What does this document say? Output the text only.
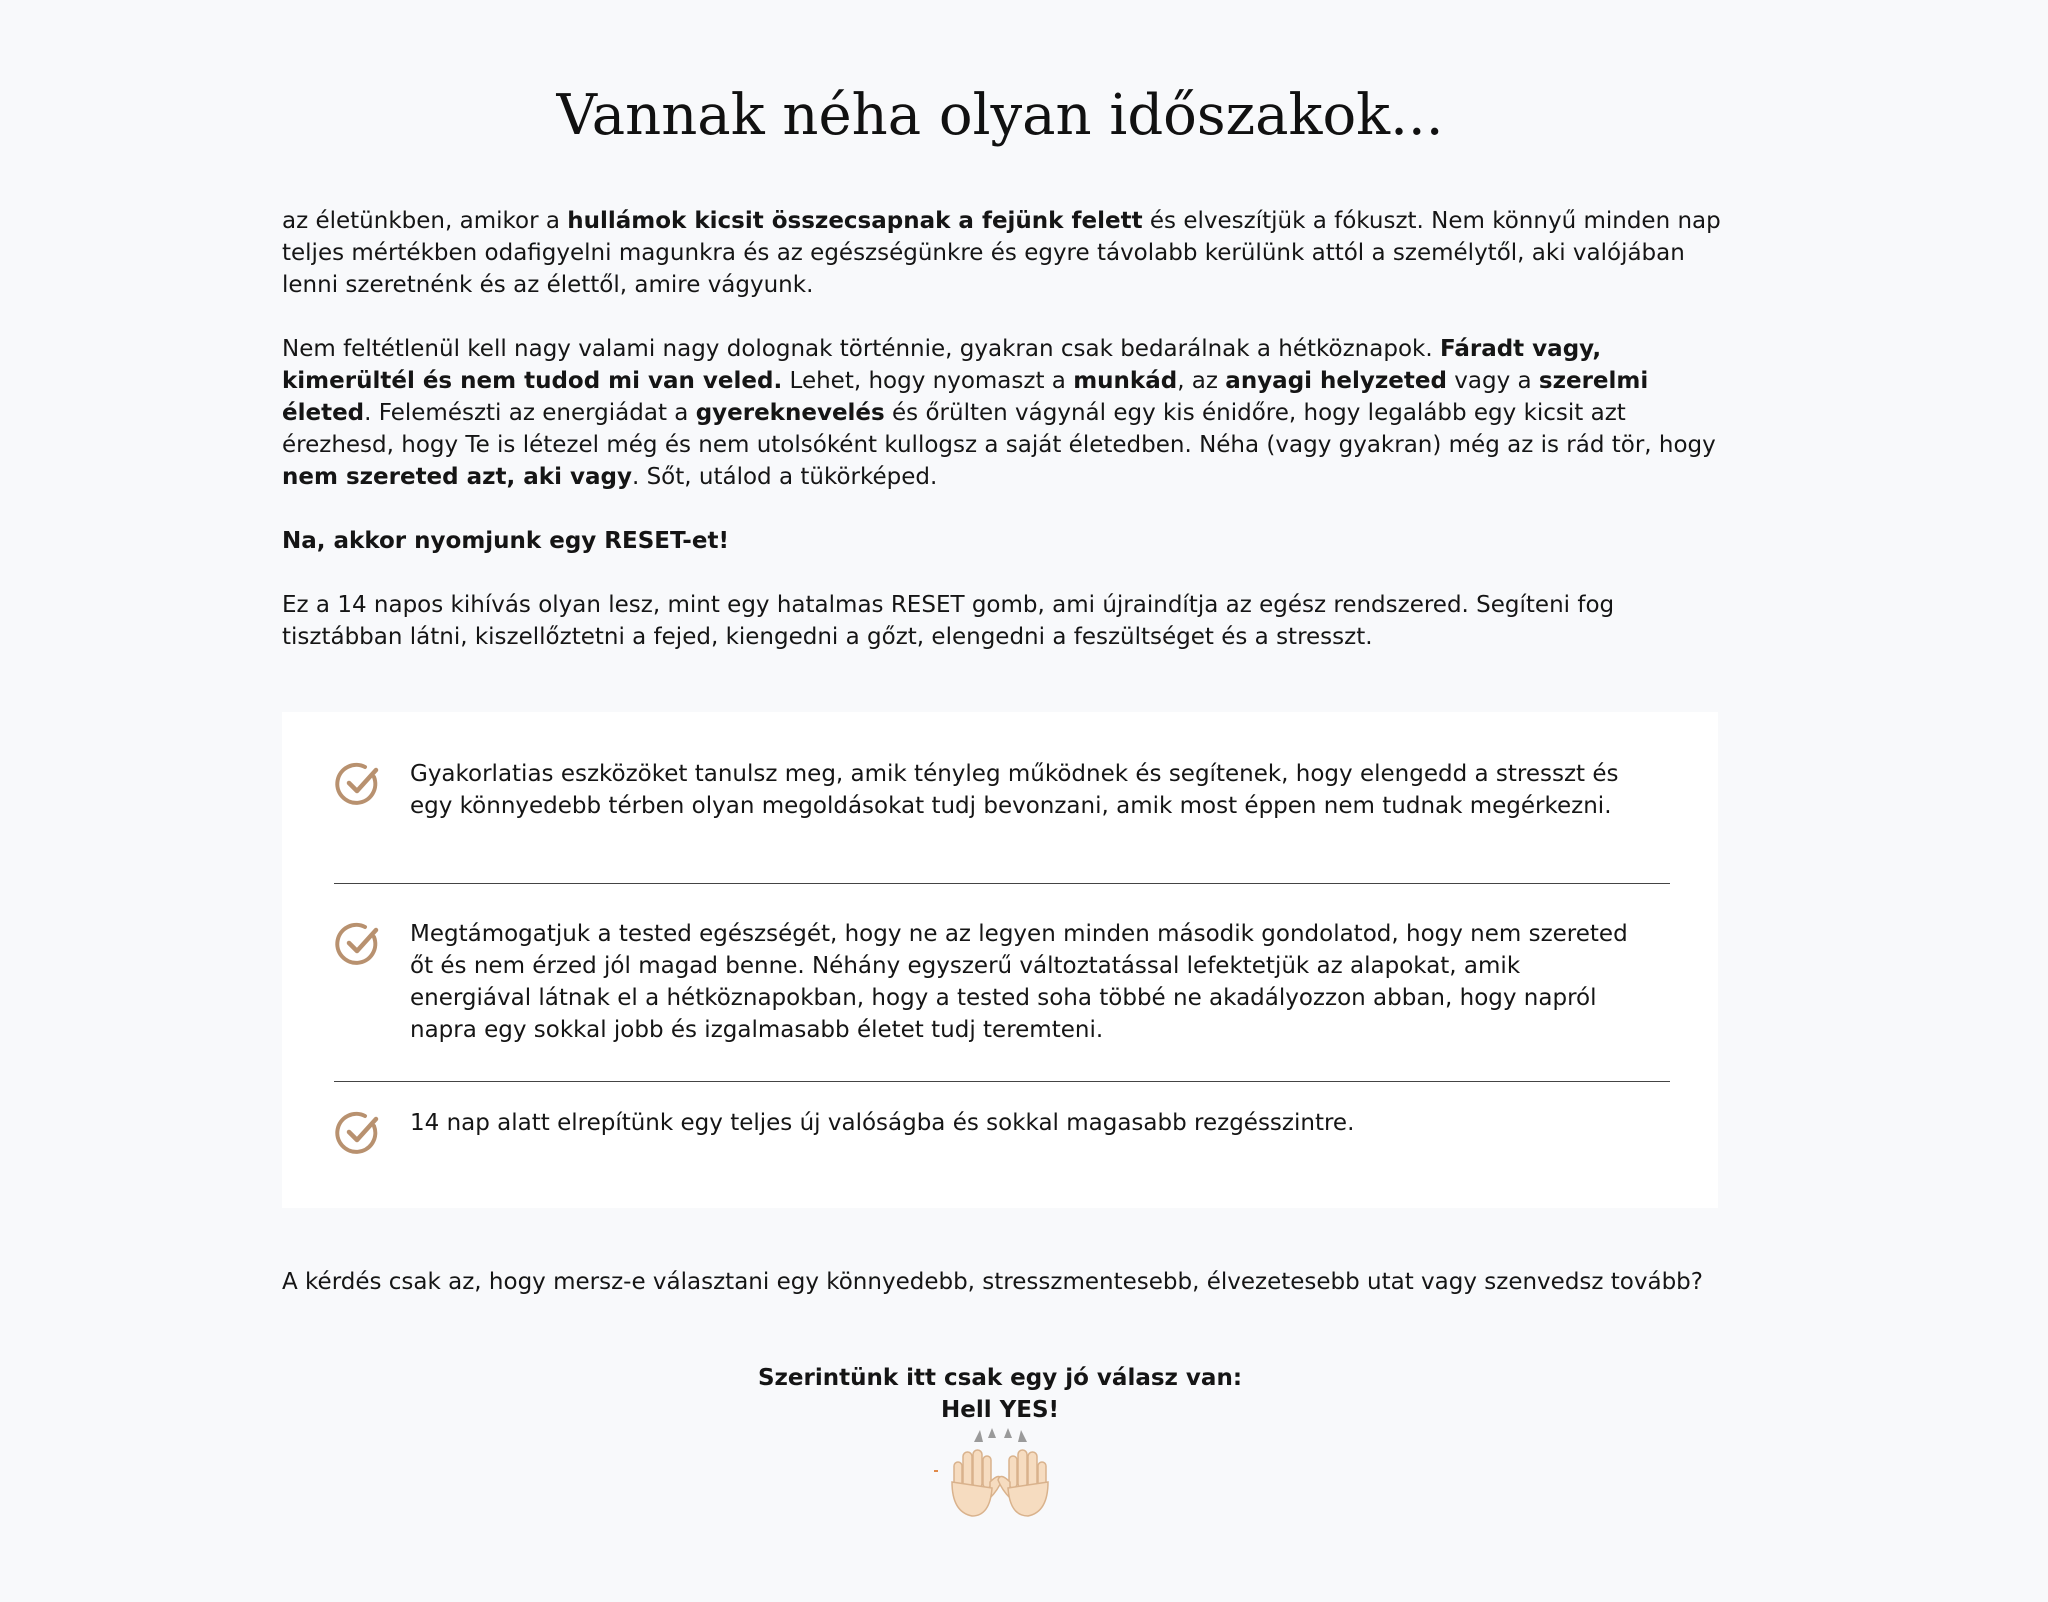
Vannak néha olyan időszakok...

az életünkben, amikor a hullámok kicsit összecsapnak a fejünk felett és elveszítjük a fókuszt. Nem könnyű minden nap teljes mértékben odafigyelni magunkra és az egészségünkre és egyre távolabb kerülünk attól a személytől, aki valójában lenni szeretnénk és az élettől, amire vágyunk.

Nem feltétlenül kell nagy valami nagy dolognak történnie, gyakran csak bedarálnak a hétköznapok. Fáradt vagy, kimerültél és nem tudod mi van veled. Lehet, hogy nyomaszt a munkád, az anyagi helyzeted vagy a szerelmi életed. Felemészti az energiádat a gyereknevelés és őrülten vágynál egy kis énidőre, hogy legalább egy kicsit azt érezhesd, hogy Te is létezel még és nem utolsóként kullogsz a saját életedben. Néha (vagy gyakran) még az is rád tör, hogy nem szereted azt, aki vagy. Sőt, utálod a tükörképed.

Na, akkor nyomjunk egy RESET-et!

Ez a 14 napos kihívás olyan lesz, mint egy hatalmas RESET gomb, ami újraindítja az egész rendszered. Segíteni fog tisztábban látni, kiszellőztetni a fejed, kiengedni a gőzt, elengedni a feszültséget és a stresszt.

Gyakorlatias eszközöket tanulsz meg, amik tényleg működnek és segítenek, hogy elengedd a stresszt és egy könnyedebb térben olyan megoldásokat tudj bevonzani, amik most éppen nem tudnak megérkezni.
Megtámogatjuk a tested egészségét, hogy ne az legyen minden második gondolatod, hogy nem szereted őt és nem érzed jól magad benne. Néhány egyszerű változtatással lefektetjük az alapokat, amik energiával látnak el a hétköznapokban, hogy a tested soha többé ne akadályozzon abban, hogy napról napra egy sokkal jobb és izgalmasabb életet tudj teremteni.
14 nap alatt elrepítünk egy teljes új valóságba és sokkal magasabb rezgésszintre.

A kérdés csak az, hogy mersz-e választani egy könnyedebb, stresszmentesebb, élvezetesebb utat vagy szenvedsz tovább?

Szerintünk itt csak egy jó válasz van:
Hell YES!
